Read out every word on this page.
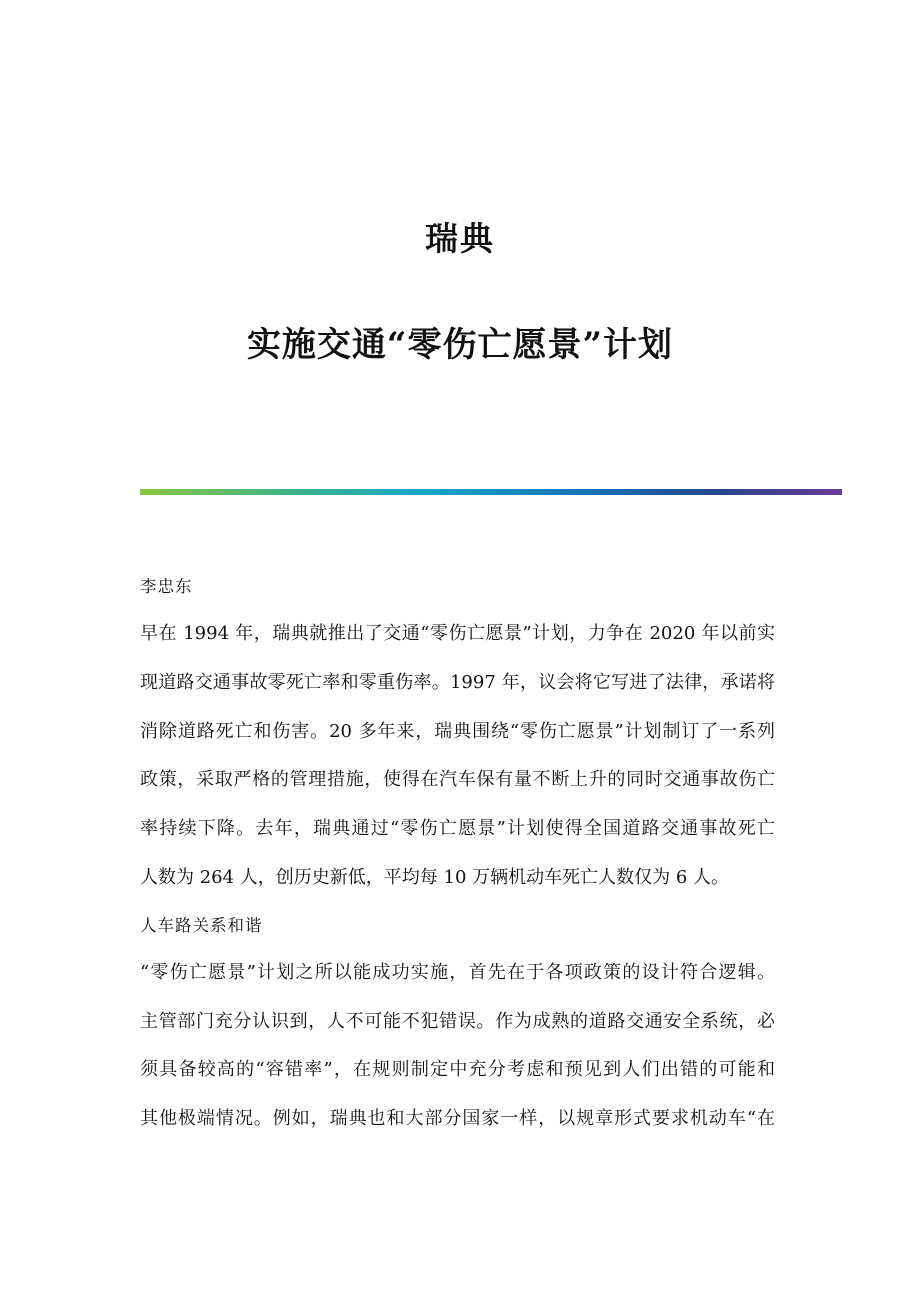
瑞典
实施交通“零伤亡愿景”计划
李忠东
早在 1994 年，瑞典就推出了交通“零伤亡愿景”计划，力争在 2020 年以前实
现道路交通事故零死亡率和零重伤率。1997 年，议会将它写进了法律，承诺将
消除道路死亡和伤害。20 多年来，瑞典围绕“零伤亡愿景”计划制订了一系列
政策，采取严格的管理措施，使得在汽车保有量不断上升的同时交通事故伤亡
率持续下降。去年，瑞典通过“零伤亡愿景”计划使得全国道路交通事故死亡
人数为 264 人，创历史新低，平均每 10 万辆机动车死亡人数仅为 6 人。
人车路关系和谐
“零伤亡愿景”计划之所以能成功实施，首先在于各项政策的设计符合逻辑。
主管部门充分认识到，人不可能不犯错误。作为成熟的道路交通安全系统，必
须具备较高的“容错率”，在规则制定中充分考虑和预见到人们出错的可能和
其他极端情况。例如，瑞典也和大部分国家一样，以规章形式要求机动车“在
